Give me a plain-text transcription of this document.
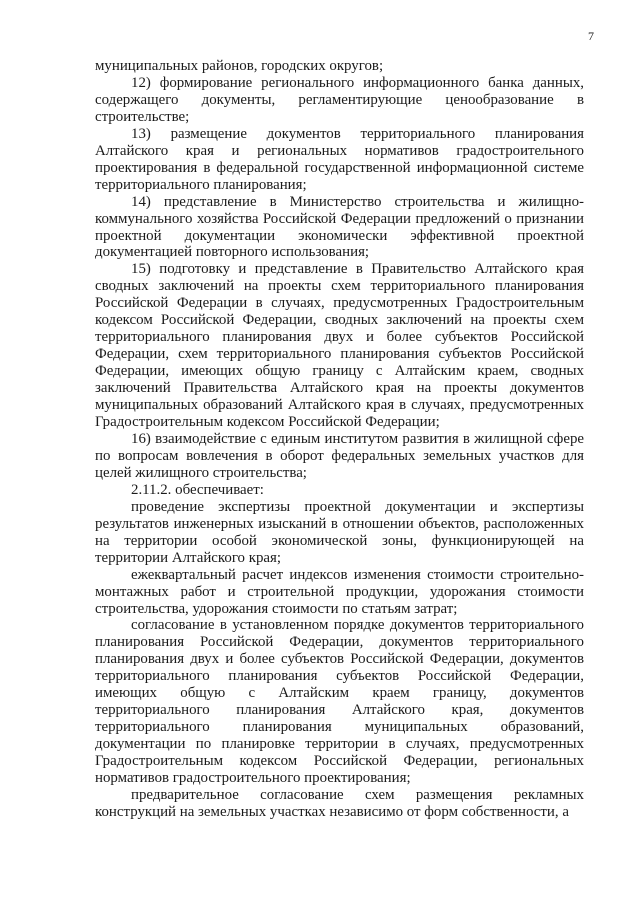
7

муниципальных районов, городских округов;

12) формирование регионального информационного банка данных, содержащего документы, регламентирующие ценообразование в строительстве;

13) размещение документов территориального планирования Алтайского края и региональных нормативов градостроительного проектирования в федеральной государственной информационной системе территориального планирования;

14) представление в Министерство строительства и жилищно-коммунального хозяйства Российской Федерации предложений о признании проектной документации экономически эффективной проектной документацией повторного использования;

15) подготовку и представление в Правительство Алтайского края сводных заключений на проекты схем территориального планирования Российской Федерации в случаях, предусмотренных Градостроительным кодексом Российской Федерации, сводных заключений на проекты схем территориального планирования двух и более субъектов Российской Федерации, схем территориального планирования субъектов Российской Федерации, имеющих общую границу с Алтайским краем, сводных заключений Правительства Алтайского края на проекты документов муниципальных образований Алтайского края в случаях, предусмотренных Градостроительным кодексом Российской Федерации;

16) взаимодействие с единым институтом развития в жилищной сфере по вопросам вовлечения в оборот федеральных земельных участков для целей жилищного строительства;

2.11.2. обеспечивает:

проведение экспертизы проектной документации и экспертизы результатов инженерных изысканий в отношении объектов, расположенных на территории особой экономической зоны, функционирующей на территории Алтайского края;

ежеквартальный расчет индексов изменения стоимости строительно-монтажных работ и строительной продукции, удорожания стоимости строительства, удорожания стоимости по статьям затрат;

согласование в установленном порядке документов территориального планирования Российской Федерации, документов территориального планирования двух и более субъектов Российской Федерации, документов территориального планирования субъектов Российской Федерации, имеющих общую с Алтайским краем границу, документов территориального планирования Алтайского края, документов территориального планирования муниципальных образований, документации по планировке территории в случаях, предусмотренных Градостроительным кодексом Российской Федерации, региональных нормативов градостроительного проектирования;

предварительное согласование схем размещения рекламных конструкций на земельных участках независимо от форм собственности, а
